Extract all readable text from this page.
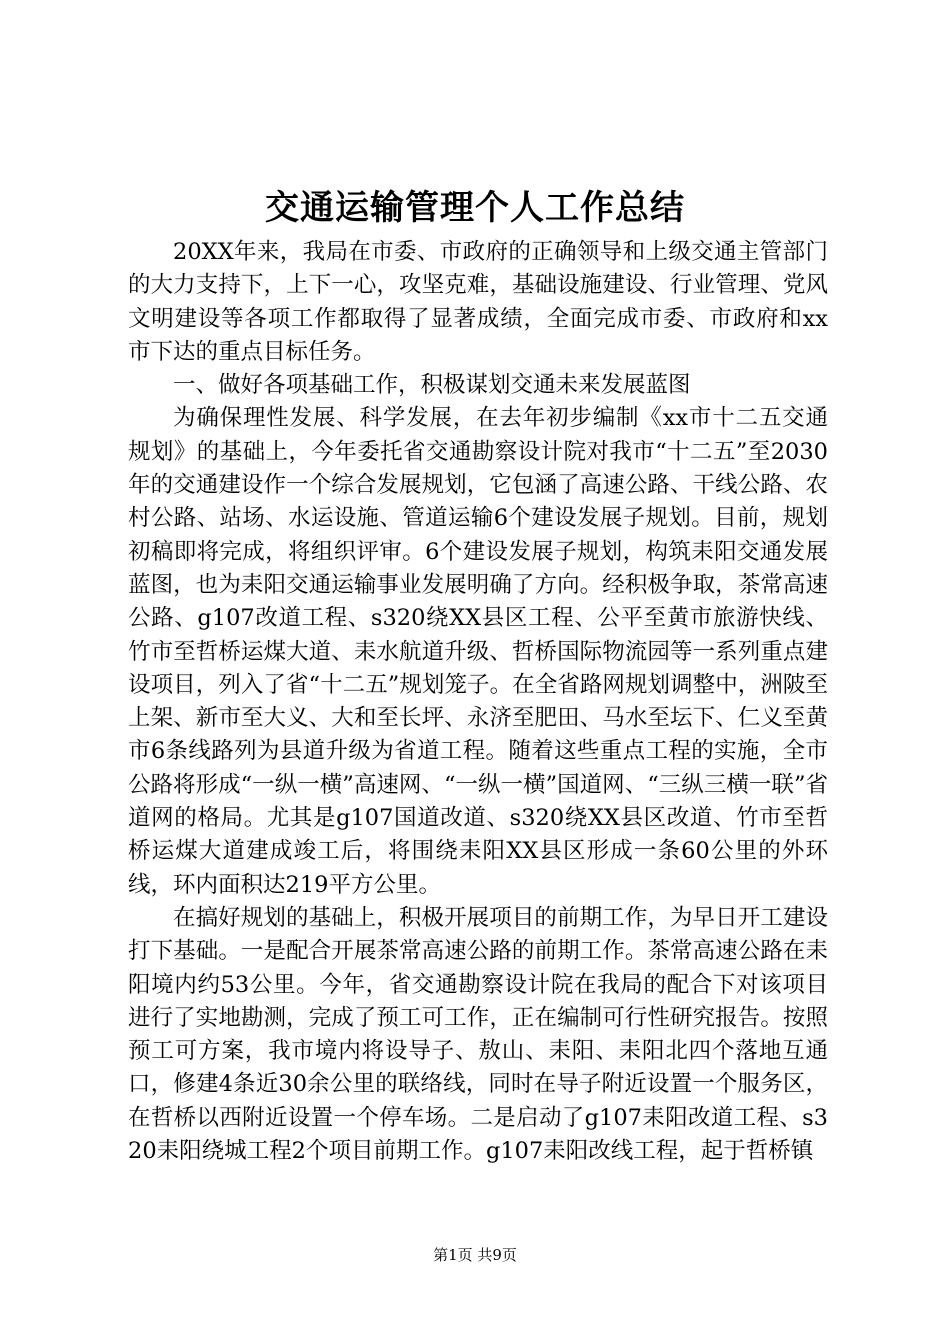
交通运输管理个人工作总结

20XX年来，我局在市委、市政府的正确领导和上级交通主管部门的大力支持下，上下一心，攻坚克难，基础设施建设、行业管理、党风文明建设等各项工作都取得了显著成绩，全面完成市委、市政府和xx市下达的重点目标任务。

一、做好各项基础工作，积极谋划交通未来发展蓝图

为确保理性发展、科学发展，在去年初步编制《xx市十二五交通规划》的基础上，今年委托省交通勘察设计院对我市“十二五”至2030年的交通建设作一个综合发展规划，它包涵了高速公路、干线公路、农村公路、站场、水运设施、管道运输6个建设发展子规划。目前，规划初稿即将完成，将组织评审。6个建设发展子规划，构筑耒阳交通发展蓝图，也为耒阳交通运输事业发展明确了方向。经积极争取，茶常高速公路、g107改道工程、s320绕XX县区工程、公平至黄市旅游快线、竹市至哲桥运煤大道、耒水航道升级、哲桥国际物流园等一系列重点建设项目，列入了省“十二五”规划笼子。在全省路网规划调整中，洲陂至上架、新市至大义、大和至长坪、永济至肥田、马水至坛下、仁义至黄市6条线路列为县道升级为省道工程。随着这些重点工程的实施，全市公路将形成“一纵一横”高速网、“一纵一横”国道网、“三纵三横一联”省道网的格局。尤其是g107国道改道、s320绕XX县区改道、竹市至哲桥运煤大道建成竣工后，将围绕耒阳XX县区形成一条60公里的外环线，环内面积达219平方公里。

在搞好规划的基础上，积极开展项目的前期工作，为早日开工建设打下基础。一是配合开展茶常高速公路的前期工作。茶常高速公路在耒阳境内约53公里。今年，省交通勘察设计院在我局的配合下对该项目进行了实地勘测，完成了预工可工作，正在编制可行性研究报告。按照预工可方案，我市境内将设导子、敖山、耒阳、耒阳北四个落地互通口，修建4条近30余公里的联络线，同时在导子附近设置一个服务区，在哲桥以西附近设置一个停车场。二是启动了g107耒阳改道工程、s320耒阳绕城工程2个项目前期工作。g107耒阳改线工程，起于哲桥镇

第1页 共9页
